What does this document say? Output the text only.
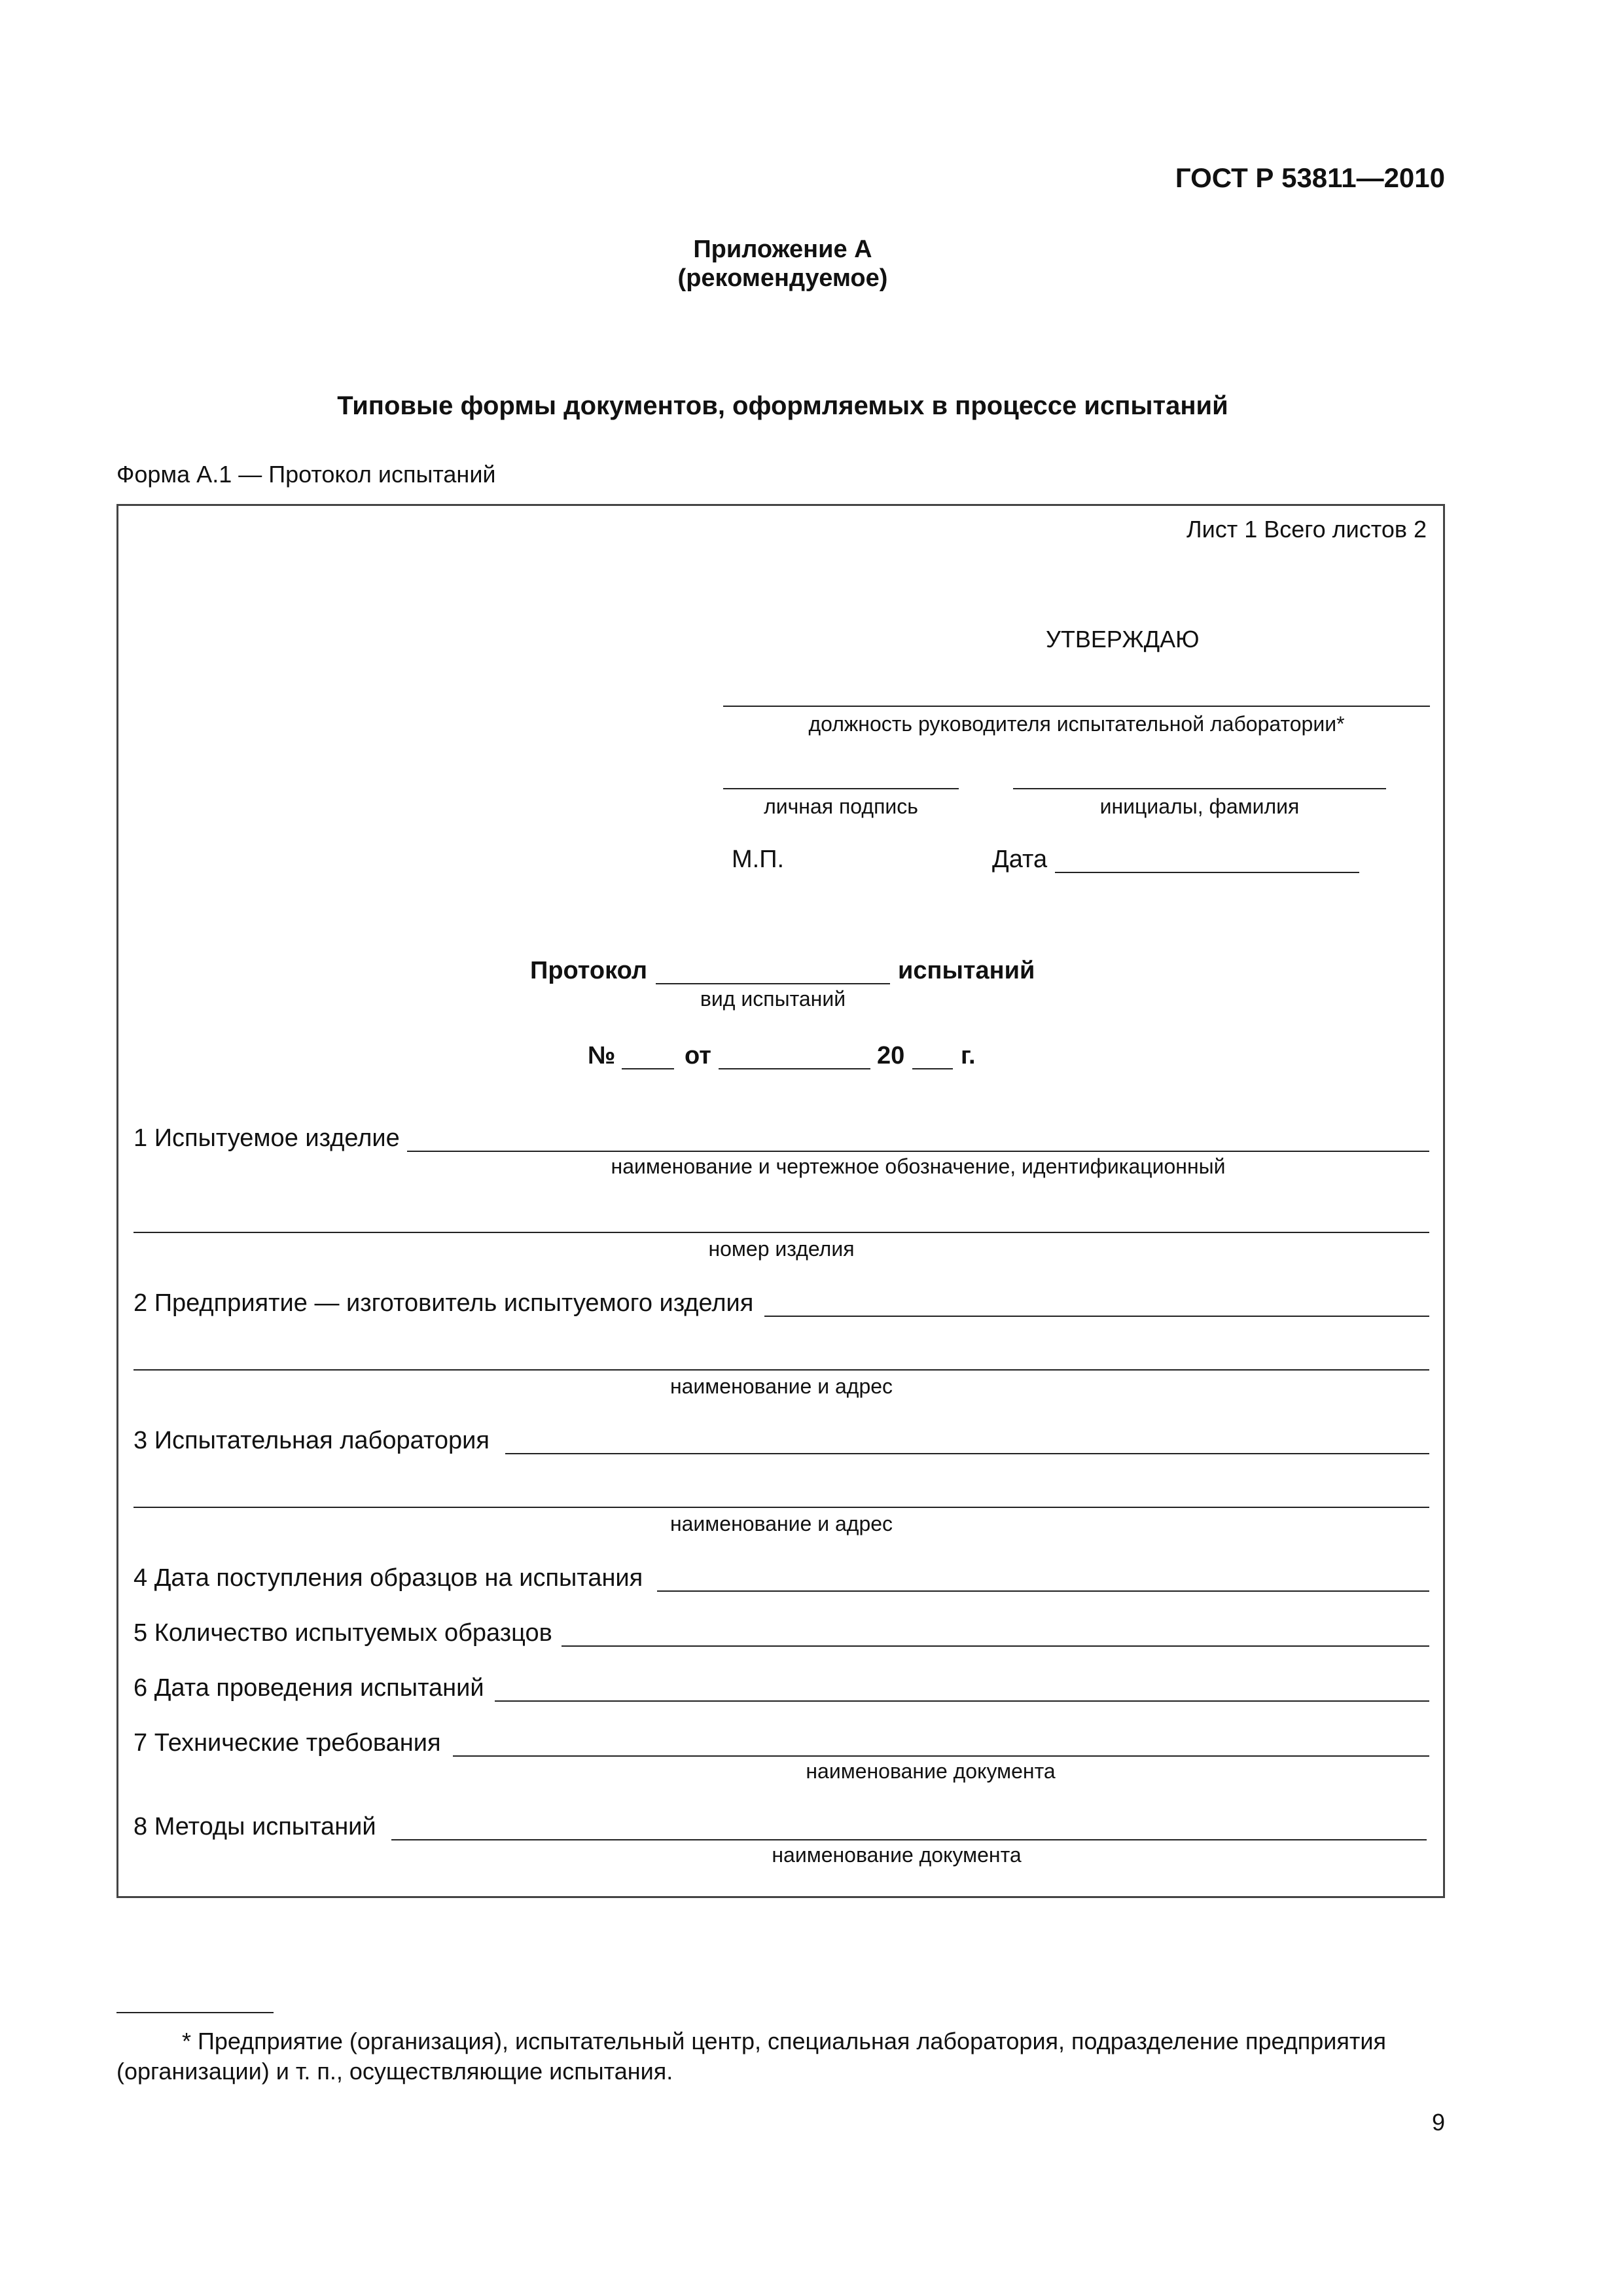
ГОСТ Р 53811—2010
Приложение А
(рекомендуемое)
Типовые формы документов, оформляемых в процессе испытаний
Форма А.1 — Протокол испытаний
Лист 1 Всего листов 2
УТВЕРЖДАЮ
должность руководителя испытательной лаборатории*
личная подпись	инициалы, фамилия
М.П.	Дата
Протокол	испытаний
вид испытаний
№	от	20 г.
1 Испытуемое изделие
наименование и чертежное обозначение, идентификационный
номер изделия
2 Предприятие — изготовитель испытуемого изделия
наименование и адрес
3 Испытательная лаборатория
наименование и адрес
4 Дата поступления образцов на испытания
5 Количество испытуемых образцов
6 Дата проведения испытаний
7 Технические требования
наименование документа
8 Методы испытаний
наименование документа
* Предприятие (организация), испытательный центр, специальная лаборатория, подразделение предприятия
(организации) и т. п., осуществляющие испытания.
9
